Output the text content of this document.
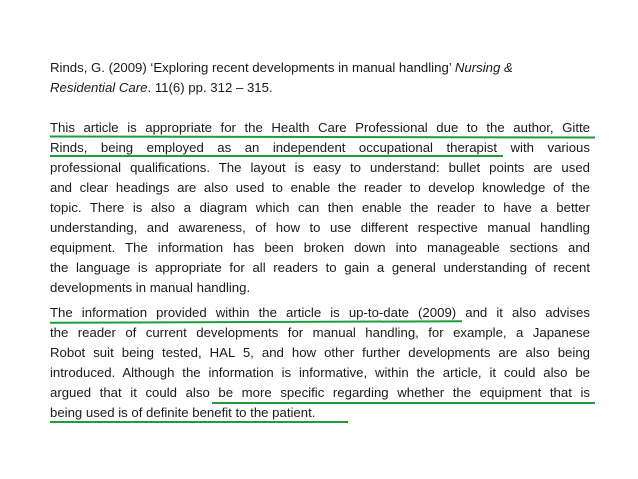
Rinds, G. (2009) ‘Exploring recent developments in manual handling’ Nursing &
Residential Care. 11(6) pp. 312 – 315.
This article is appropriate for the Health Care Professional due to the author, Gitte
Rinds, being employed as an independent occupational therapist with various
professional qualifications. The layout is easy to understand: bullet points are used
and clear headings are also used to enable the reader to develop knowledge of the
topic. There is also a diagram which can then enable the reader to have a better
understanding, and awareness, of how to use different respective manual handling
equipment. The information has been broken down into manageable sections and
the language is appropriate for all readers to gain a general understanding of recent
developments in manual handling.
The information provided within the article is up-to-date (2009) and it also advises
the reader of current developments for manual handling, for example, a Japanese
Robot suit being tested, HAL 5, and how other further developments are also being
introduced. Although the information is informative, within the article, it could also be
argued that it could also be more specific regarding whether the equipment that is
being used is of definite benefit to the patient.
